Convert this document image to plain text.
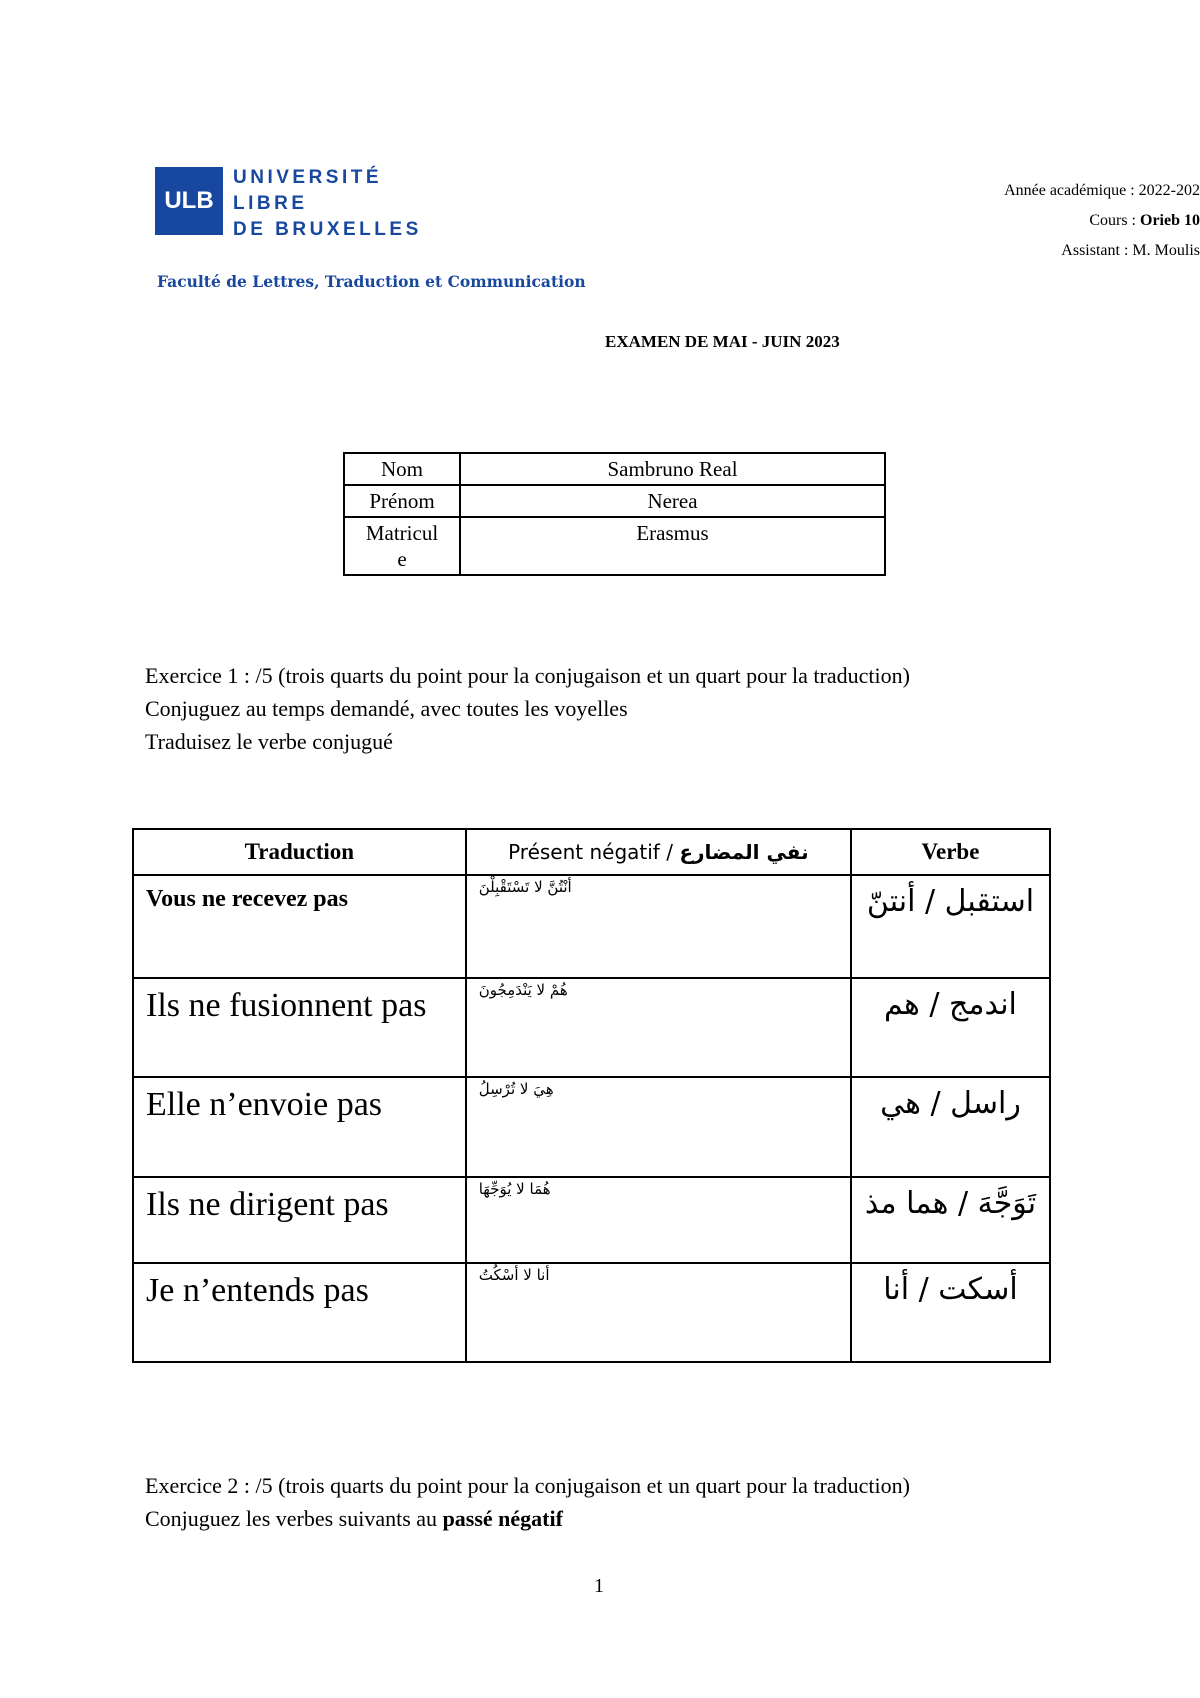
ULB
UNIVERSITÉ
LIBRE
DE BRUXELLES
Faculté de Lettres, Traduction et Communication
Année académique : 2022-202
Cours : Orieb 10
Assistant : M. Moulis
EXAMEN DE MAI - JUIN 2023
Nom	Sambruno Real
Prénom	Nerea
Matricul
e	Erasmus
Exercice 1 : /5 (trois quarts du point pour la conjugaison et un quart pour la traduction)
Conjuguez au temps demandé, avec toutes les voyelles
Traduisez le verbe conjugué
Traduction	Présent négatif / نفي المضارع	Verbe
Vous ne recevez pas	أنْتُنَّ لا تَسْتَقْبِلْنَ	استقبل / أنتنّ
Ils ne fusionnent pas	هُمْ لا يَنْدَمِجُونَ	اندمج / هم
Elle n’envoie pas	هِيَ لا تُرْسِلُ	راسل / هي
Ils ne dirigent pas	هُمَا لا يُوَجِّهَا	تَوَجَّهَ / هما مذ
Je n’entends pas	أنا لا أسْكُتُ	أسكت / أنا
Exercice 2 : /5 (trois quarts du point pour la conjugaison et un quart pour la traduction)
Conjuguez les verbes suivants au passé négatif
1
